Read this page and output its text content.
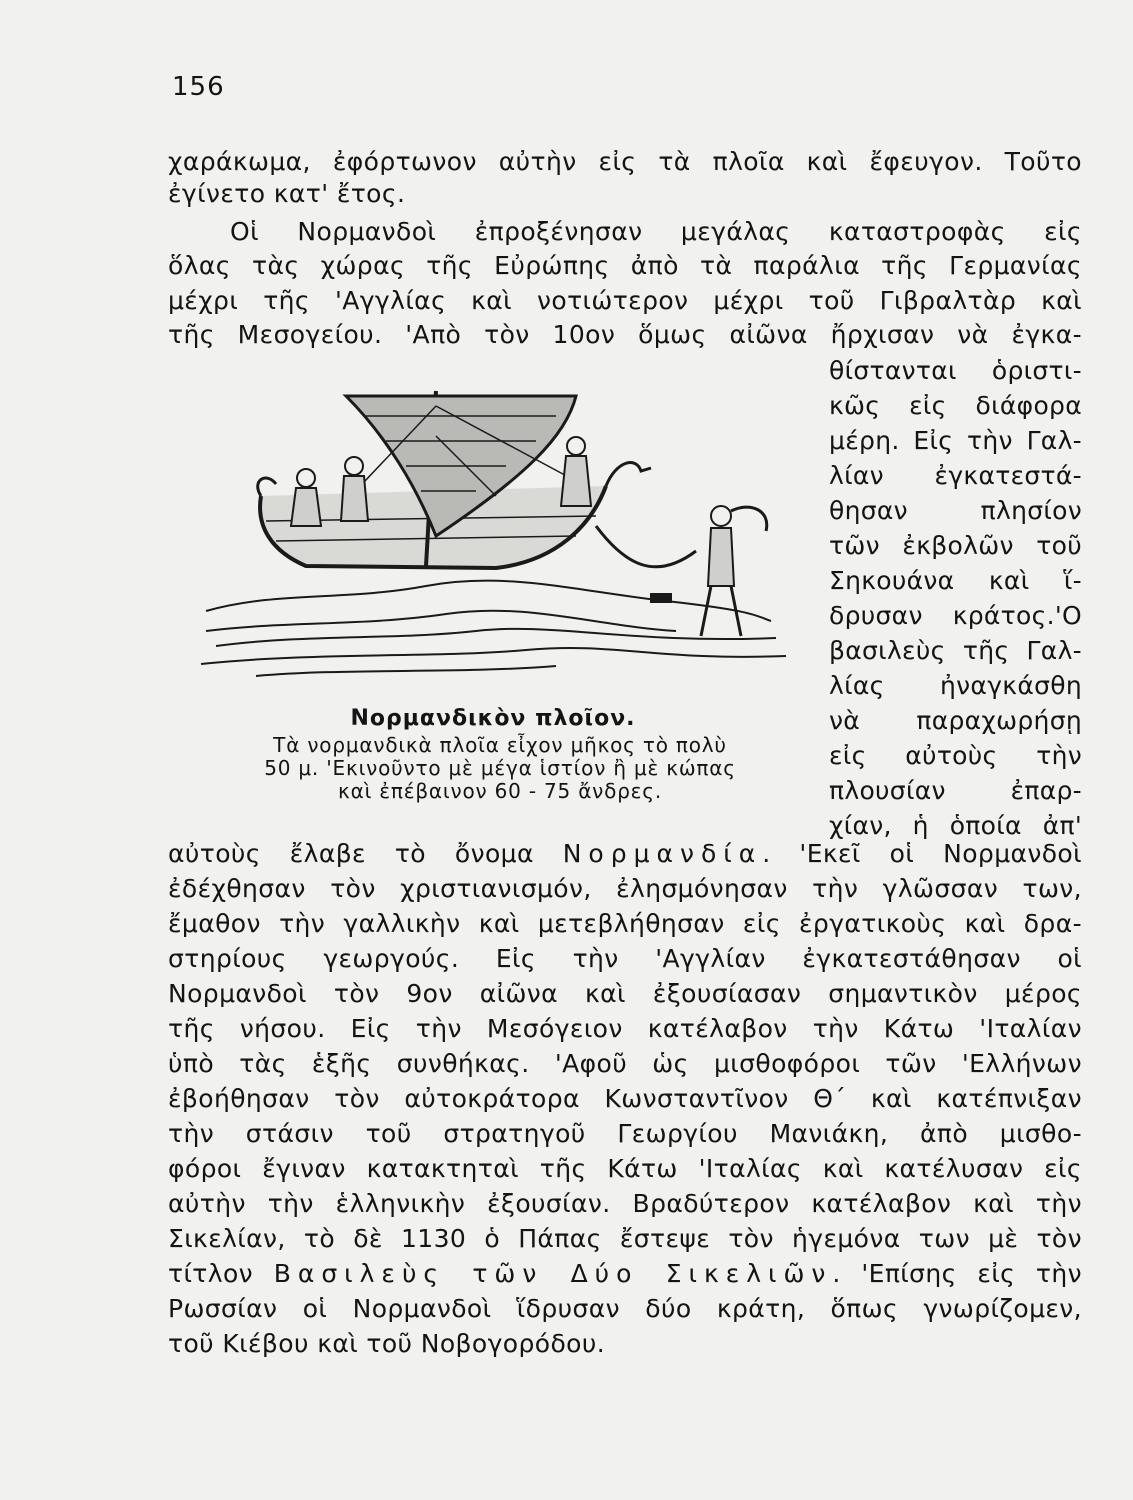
156
χαράκωμα, ἐφόρτωνον αὐτὴν εἰς τὰ πλοῖα καὶ ἔφευγον. Τοῦτο
ἐγίνετο κατ' ἔτος.
Οἱ Νορμανδοὶ ἐπροξένησαν μεγάλας καταστροφὰς εἰς
ὅλας τὰς χώρας τῆς Εὐρώπης ἀπὸ τὰ παράλια τῆς Γερμανίας
μέχρι τῆς 'Αγγλίας καὶ νοτιώτερον μέχρι τοῦ Γιβραλτὰρ καὶ
τῆς Μεσογείου. 'Απὸ τὸν 10ον ὅμως αἰῶνα ἤρχισαν νὰ ἐγκα-
θίστανται ὁριστι-
κῶς εἰς διάφορα
μέρη. Εἰς τὴν Γαλ-
λίαν ἐγκατεστά-
θησαν πλησίον
τῶν ἐκβολῶν τοῦ
Σηκουάνα καὶ ἵ-
δρυσαν κράτος.'Ο
βασιλεὺς τῆς Γαλ-
λίας ἠναγκάσθη
νὰ παραχωρήσῃ
εἰς αὐτοὺς τὴν
πλουσίαν ἐπαρ-
χίαν, ἡ ὁποία ἀπ'
Νορμανδικὸν πλοῖον.
Τὰ νορμανδικὰ πλοῖα εἶχον μῆκος τὸ πολὺ
50 μ. 'Εκινοῦντο μὲ μέγα ἱστίον ἢ μὲ κώπας
καὶ ἐπέβαινον 60 - 75 ἄνδρες.
αὐτοὺς ἔλαβε τὸ ὄνομα Νορμανδία. 'Εκεῖ οἱ Νορμανδοὶ
ἐδέχθησαν τὸν χριστιανισμόν, ἐλησμόνησαν τὴν γλῶσσαν των,
ἔμαθον τὴν γαλλικὴν καὶ μετεβλήθησαν εἰς ἐργατικοὺς καὶ δρα-
στηρίους γεωργούς. Εἰς τὴν 'Αγγλίαν ἐγκατεστάθησαν οἱ
Νορμανδοὶ τὸν 9ον αἰῶνα καὶ ἐξουσίασαν σημαντικὸν μέρος
τῆς νήσου. Εἰς τὴν Μεσόγειον κατέλαβον τὴν Κάτω 'Ιταλίαν
ὑπὸ τὰς ἑξῆς συνθήκας. 'Αφοῦ ὡς μισθοφόροι τῶν 'Ελλήνων
ἐβοήθησαν τὸν αὐτοκράτορα Κωνσταντῖνον Θ΄ καὶ κατέπνιξαν
τὴν στάσιν τοῦ στρατηγοῦ Γεωργίου Μανιάκη, ἀπὸ μισθο-
φόροι ἔγιναν κατακτηταὶ τῆς Κάτω 'Ιταλίας καὶ κατέλυσαν εἰς
αὐτὴν τὴν ἑλληνικὴν ἐξουσίαν. Βραδύτερον κατέλαβον καὶ τὴν
Σικελίαν, τὸ δὲ 1130 ὁ Πάπας ἔστεψε τὸν ἡγεμόνα των μὲ τὸν
τίτλον Βασιλεὺς τῶν Δύο Σικελιῶν. 'Επίσης εἰς τὴν
Ρωσσίαν οἱ Νορμανδοὶ ἵδρυσαν δύο κράτη, ὅπως γνωρίζομεν,
τοῦ Κιέβου καὶ τοῦ Νοβογορόδου.
